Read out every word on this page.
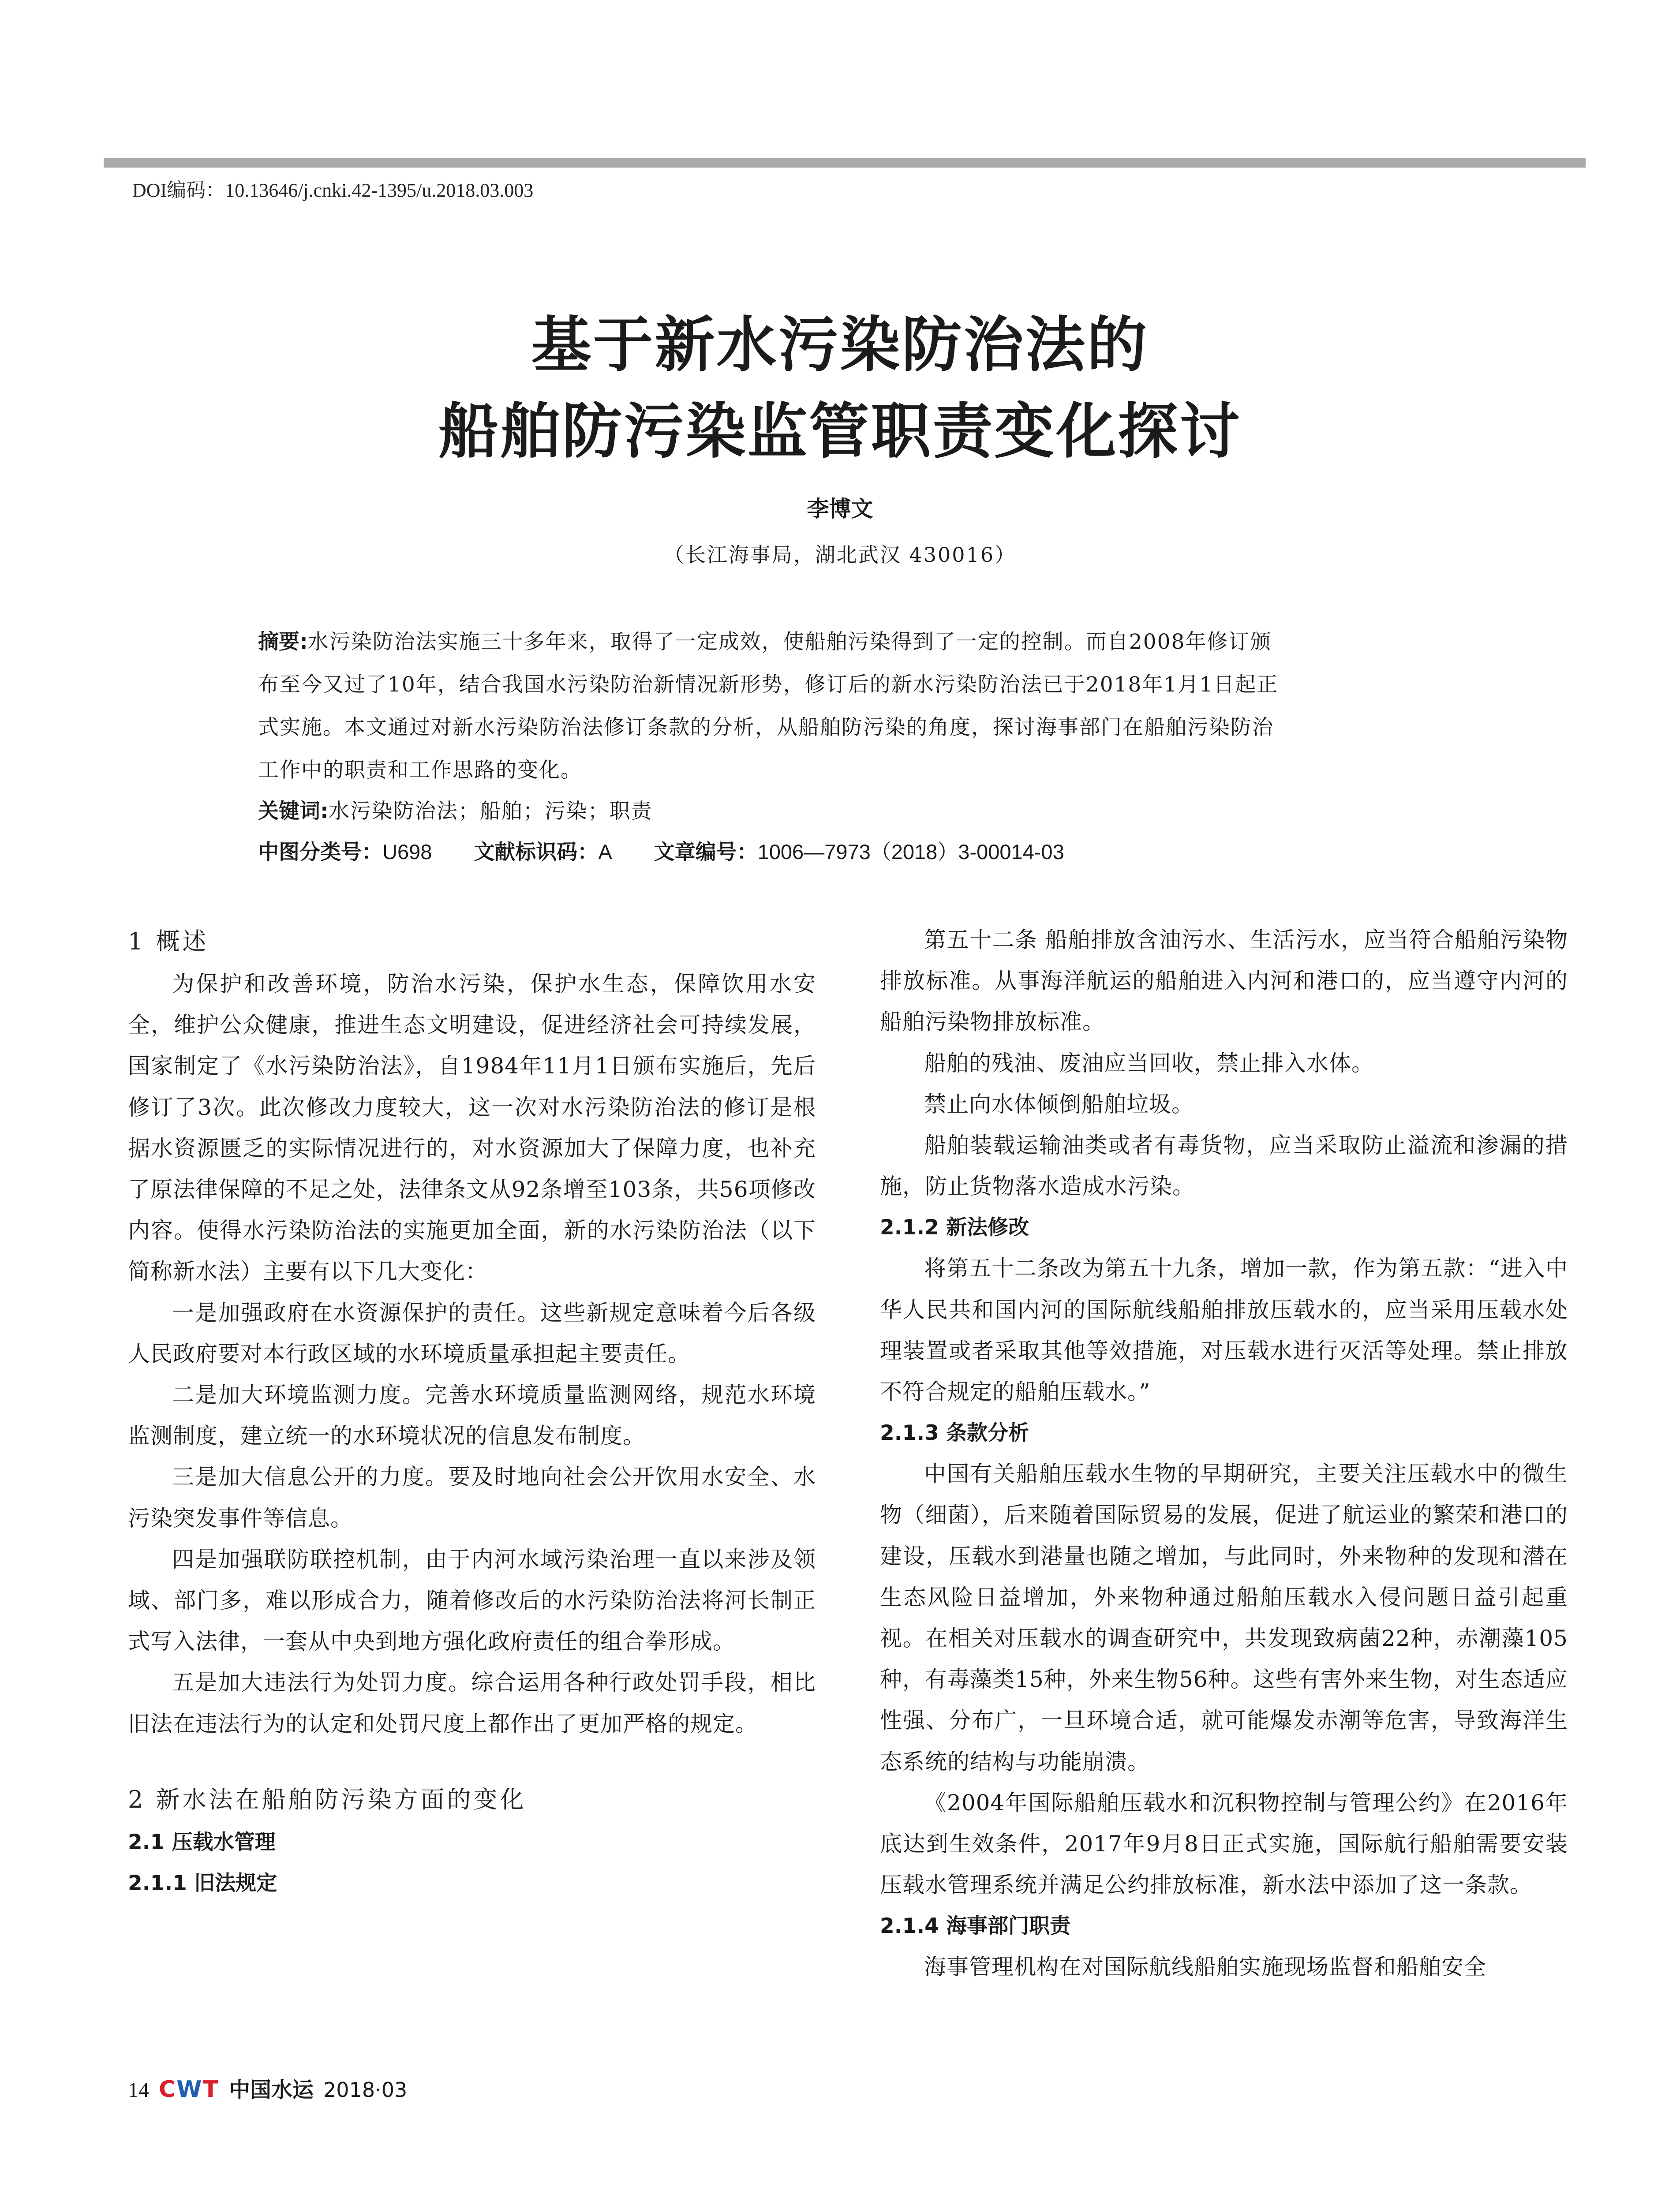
DOI编码：10.13646/j.cnki.42-1395/u.2018.03.003
基于新水污染防治法的
船舶防污染监管职责变化探讨
李博文
（长江海事局，湖北武汉 430016）
摘要:水污染防治法实施三十多年来，取得了一定成效，使船舶污染得到了一定的控制。而自2008年修订颁
布至今又过了10年，结合我国水污染防治新情况新形势，修订后的新水污染防治法已于2018年1月1日起正
式实施。本文通过对新水污染防治法修订条款的分析，从船舶防污染的角度，探讨海事部门在船舶污染防治
工作中的职责和工作思路的变化。
关键词:水污染防治法；船舶；污染；职责
中图分类号：U698 文献标识码：A 文章编号：1006—7973（2018）3-00014-03
1 概述
为保护和改善环境，防治水污染，保护水生态，保障饮用水安全，维护公众健康，推进生态文明建设，促进经济社会可持续发展，国家制定了《水污染防治法》，自1984年11月1日颁布实施后，先后修订了3次。此次修改力度较大，这一次对水污染防治法的修订是根据水资源匮乏的实际情况进行的，对水资源加大了保障力度，也补充了原法律保障的不足之处，法律条文从92条增至103条，共56项修改内容。使得水污染防治法的实施更加全面，新的水污染防治法（以下简称新水法）主要有以下几大变化：
一是加强政府在水资源保护的责任。这些新规定意味着今后各级人民政府要对本行政区域的水环境质量承担起主要责任。
二是加大环境监测力度。完善水环境质量监测网络，规范水环境监测制度，建立统一的水环境状况的信息发布制度。
三是加大信息公开的力度。要及时地向社会公开饮用水安全、水污染突发事件等信息。
四是加强联防联控机制，由于内河水域污染治理一直以来涉及领域、部门多，难以形成合力，随着修改后的水污染防治法将河长制正式写入法律，一套从中央到地方强化政府责任的组合拳形成。
五是加大违法行为处罚力度。综合运用各种行政处罚手段，相比旧法在违法行为的认定和处罚尺度上都作出了更加严格的规定。
2 新水法在船舶防污染方面的变化
2.1 压载水管理
2.1.1 旧法规定
第五十二条 船舶排放含油污水、生活污水，应当符合船舶污染物排放标准。从事海洋航运的船舶进入内河和港口的，应当遵守内河的船舶污染物排放标准。
船舶的残油、废油应当回收，禁止排入水体。
禁止向水体倾倒船舶垃圾。
船舶装载运输油类或者有毒货物，应当采取防止溢流和渗漏的措施，防止货物落水造成水污染。
2.1.2 新法修改
将第五十二条改为第五十九条，增加一款，作为第五款：“进入中华人民共和国内河的国际航线船舶排放压载水的，应当采用压载水处理装置或者采取其他等效措施，对压载水进行灭活等处理。禁止排放不符合规定的船舶压载水。”
2.1.3 条款分析
中国有关船舶压载水生物的早期研究，主要关注压载水中的微生物（细菌），后来随着国际贸易的发展，促进了航运业的繁荣和港口的建设，压载水到港量也随之增加，与此同时，外来物种的发现和潜在生态风险日益增加，外来物种通过船舶压载水入侵问题日益引起重视。在相关对压载水的调查研究中，共发现致病菌22种，赤潮藻105种，有毒藻类15种，外来生物56种。这些有害外来生物，对生态适应性强、分布广，一旦环境合适，就可能爆发赤潮等危害，导致海洋生态系统的结构与功能崩溃。
《2004年国际船舶压载水和沉积物控制与管理公约》在2016年底达到生效条件，2017年9月8日正式实施，国际航行船舶需要安装压载水管理系统并满足公约排放标准，新水法中添加了这一条款。
2.1.4 海事部门职责
海事管理机构在对国际航线船舶实施现场监督和船舶安全
14 CWT 中国水运 2018·03
